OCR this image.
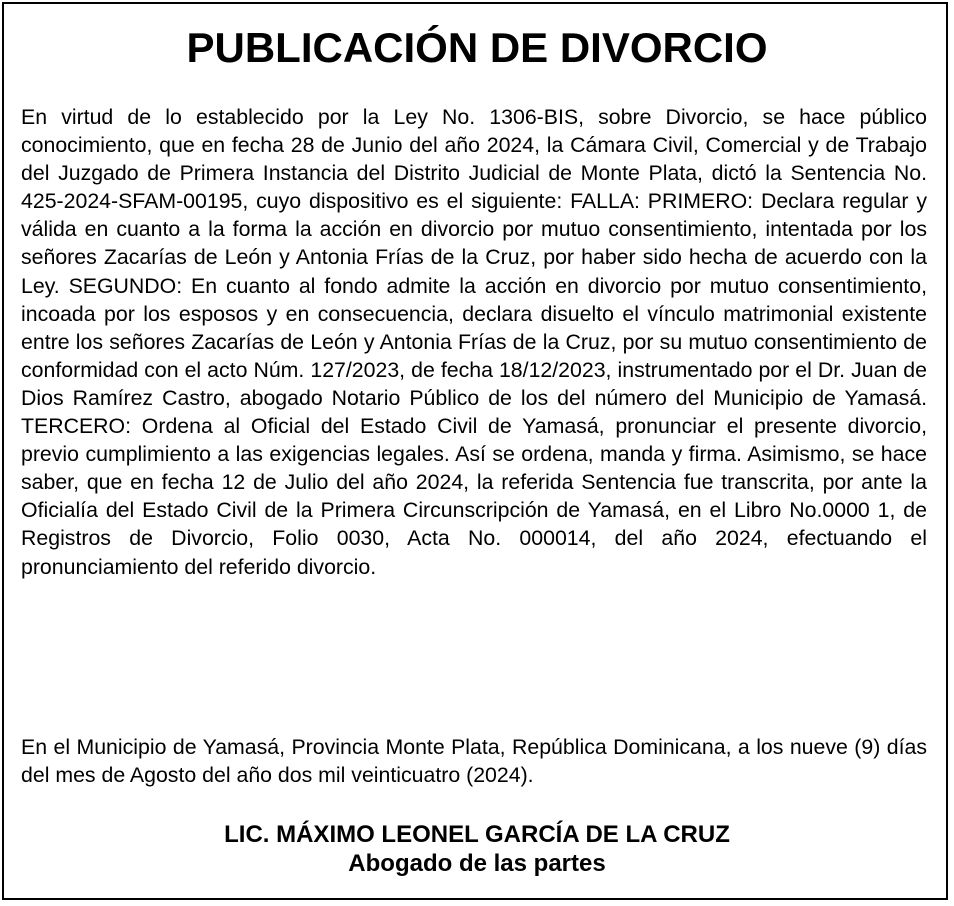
PUBLICACIÓN DE DIVORCIO

En virtud de lo establecido por la Ley No. 1306-BIS, sobre Divorcio, se hace público conocimiento, que en fecha 28 de Junio del año 2024, la Cámara Civil, Comercial y de Trabajo del Juzgado de Primera Instancia del Distrito Judicial de Monte Plata, dictó la Sentencia No. 425-2024-SFAM-00195, cuyo dispositivo es el siguiente: FALLA: PRIMERO: Declara regular y válida en cuanto a la forma la acción en divorcio por mutuo consentimiento, intentada por los señores Zacarías de León y Antonia Frías de la Cruz, por haber sido hecha de acuerdo con la Ley. SEGUNDO: En cuanto al fondo admite la acción en divorcio por mutuo consentimiento, incoada por los esposos y en consecuencia, declara disuelto el vínculo matrimonial existente entre los señores Zacarías de León y Antonia Frías de la Cruz, por su mutuo consentimiento de conformidad con el acto Núm. 127/2023, de fecha 18/12/2023, instrumentado por el Dr. Juan de Dios Ramírez Castro, abogado Notario Público de los del número del Municipio de Yamasá. TERCERO: Ordena al Oficial del Estado Civil de Yamasá, pronunciar el presente divorcio, previo cumplimiento a las exigencias legales. Así se ordena, manda y firma. Asimismo, se hace saber, que en fecha 12 de Julio del año 2024, la referida Sentencia fue transcrita, por ante la Oficialía del Estado Civil de la Primera Circunscripción de Yamasá, en el Libro No.0000 1, de Registros de Divorcio, Folio 0030, Acta No. 000014, del año 2024, efectuando el pronunciamiento del referido divorcio.

En el Municipio de Yamasá, Provincia Monte Plata, República Dominicana, a los nueve (9) días del mes de Agosto del año dos mil veinticuatro (2024).

LIC. MÁXIMO LEONEL GARCÍA DE LA CRUZ
Abogado de las partes
